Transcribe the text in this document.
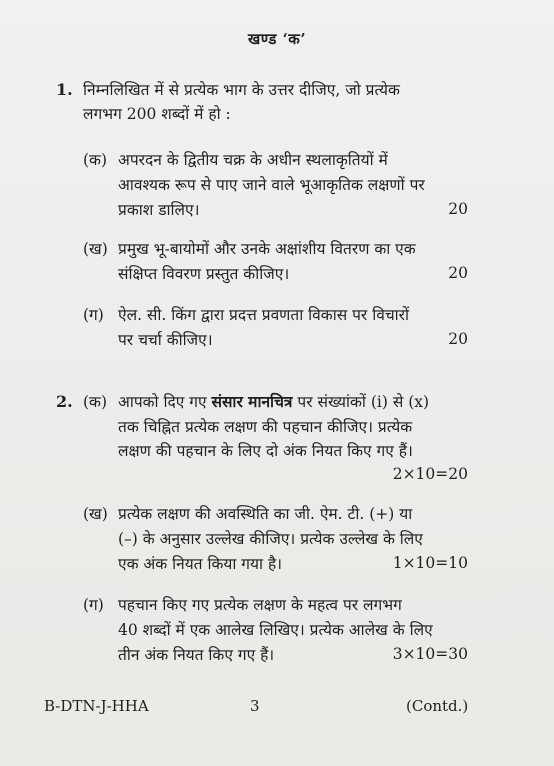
खण्ड ‘क’
1. निम्नलिखित में से प्रत्येक भाग के उत्तर दीजिए, जो प्रत्येक
लगभग 200 शब्दों में हो :
(क) अपरदन के द्वितीय चक्र के अधीन स्थलाकृतियों में
आवश्यक रूप से पाए जाने वाले भूआकृतिक लक्षणों पर
प्रकाश डालिए।	20
(ख) प्रमुख भू-बायोमों और उनके अक्षांशीय वितरण का एक
संक्षिप्त विवरण प्रस्तुत कीजिए।	20
(ग) ऐल. सी. किंग द्वारा प्रदत्त प्रवणता विकास पर विचारों
पर चर्चा कीजिए।	20
2. (क) आपको दिए गए संसार मानचित्र पर संख्यांकों (i) से (x)
तक चिह्नित प्रत्येक लक्षण की पहचान कीजिए। प्रत्येक
लक्षण की पहचान के लिए दो अंक नियत किए गए हैं।
2×10=20
(ख) प्रत्येक लक्षण की अवस्थिति का जी. ऐम. टी. (+) या
(–) के अनुसार उल्लेख कीजिए। प्रत्येक उल्लेख के लिए
एक अंक नियत किया गया है।	1×10=10
(ग) पहचान किए गए प्रत्येक लक्षण के महत्व पर लगभग
40 शब्दों में एक आलेख लिखिए। प्रत्येक आलेख के लिए
तीन अंक नियत किए गए हैं।	3×10=30
B-DTN-J-HHA	3	(Contd.)
